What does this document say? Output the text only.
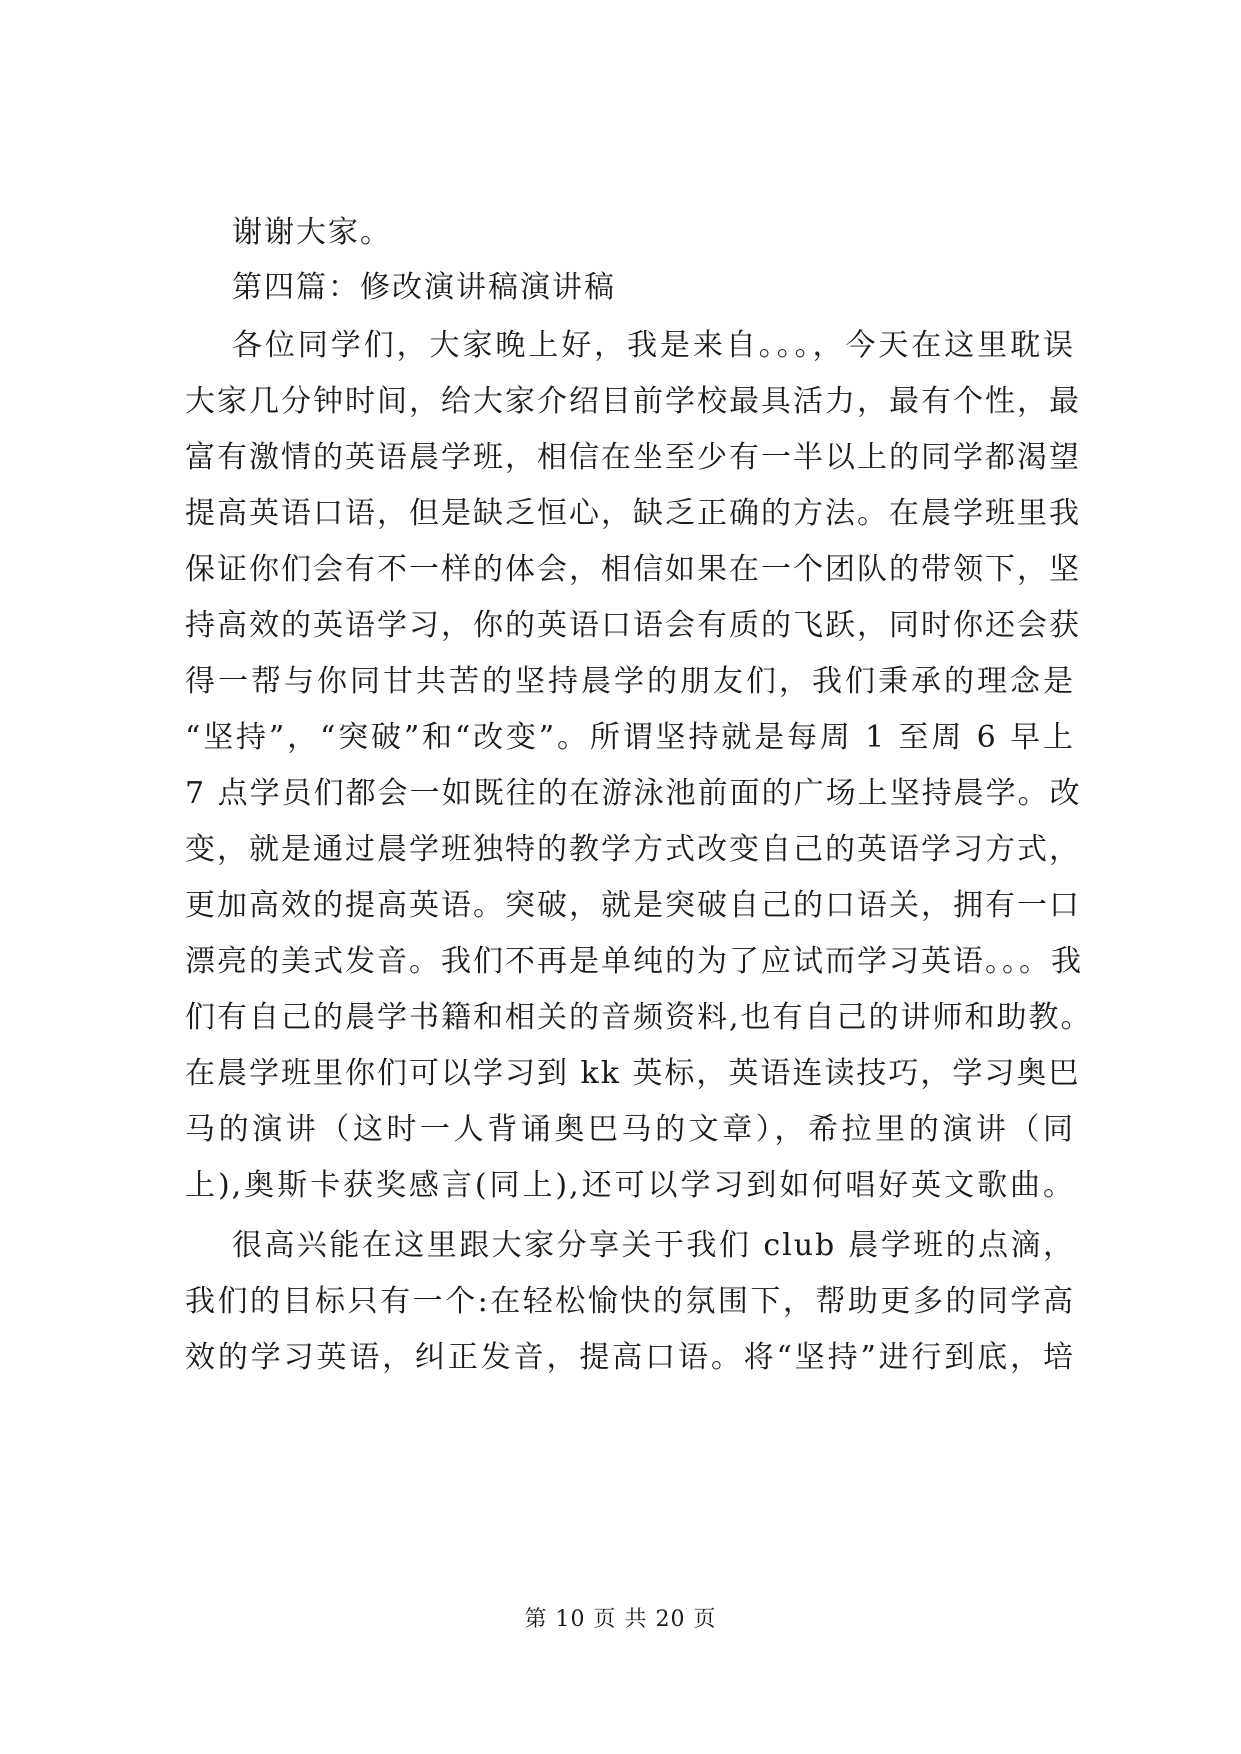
谢谢大家。
第四篇：修改演讲稿演讲稿
各位同学们，大家晚上好，我是来自。。。，今天在这里耽误
大家几分钟时间，给大家介绍目前学校最具活力，最有个性，最
富有激情的英语晨学班，相信在坐至少有一半以上的同学都渴望
提高英语口语，但是缺乏恒心，缺乏正确的方法。在晨学班里我
保证你们会有不一样的体会，相信如果在一个团队的带领下，坚
持高效的英语学习，你的英语口语会有质的飞跃，同时你还会获
得一帮与你同甘共苦的坚持晨学的朋友们，我们秉承的理念是
“坚持”，“突破”和“改变”。所谓坚持就是每周 1 至周 6 早上
7 点学员们都会一如既往的在游泳池前面的广场上坚持晨学。改
变，就是通过晨学班独特的教学方式改变自己的英语学习方式，
更加高效的提高英语。突破，就是突破自己的口语关，拥有一口
漂亮的美式发音。我们不再是单纯的为了应试而学习英语。。。我
们有自己的晨学书籍和相关的音频资料,也有自己的讲师和助教。
在晨学班里你们可以学习到 kk 英标，英语连读技巧，学习奥巴
马的演讲（这时一人背诵奥巴马的文章），希拉里的演讲（同
上),奥斯卡获奖感言(同上),还可以学习到如何唱好英文歌曲。
很高兴能在这里跟大家分享关于我们 club 晨学班的点滴，
我们的目标只有一个:在轻松愉快的氛围下，帮助更多的同学高
效的学习英语，纠正发音，提高口语。将“坚持”进行到底，培
第 10 页 共 20 页
